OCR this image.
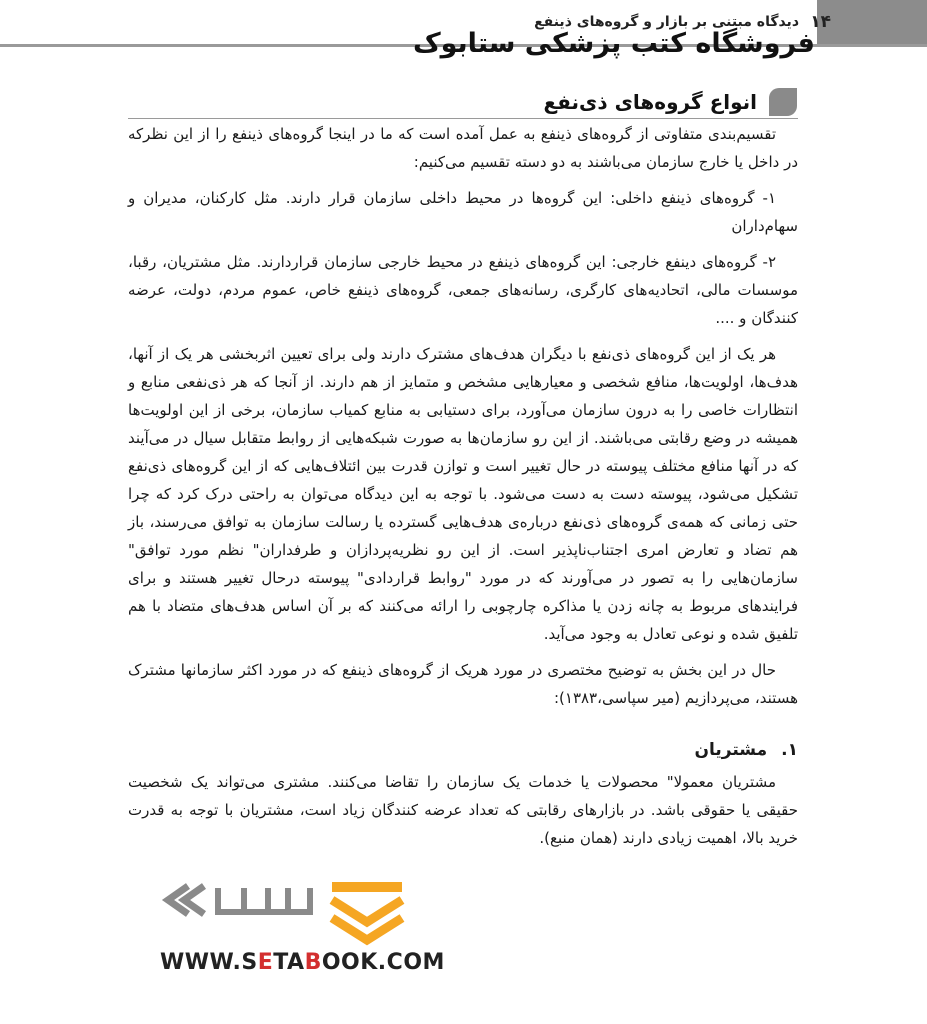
۱۴
دیدگاه مبتنی بر بازار و گروه‌های ذینفع
فروشگاه کتب پزشکی ستابوک
انواع گروه‌های ذی‌نفع

تقسیم‌بندی متفاوتی از گروه‌های ذینفع به عمل آمده است که ما در اینجا گروه‌های ذینفع را از این نظرکه در داخل یا خارج سازمان می‌باشند به دو دسته تقسیم می‌کنیم:

۱- گروه‌های ذینفع داخلی: این گروه‌ها در محیط داخلی سازمان قرار دارند. مثل کارکنان، مدیران و سهام‌داران

۲- گروه‌های دینفع خارجی: این گروه‌های ذینفع در محیط خارجی سازمان قراردارند. مثل مشتریان، رقبا، موسسات مالی، اتحادیه‌های کارگری، رسانه‌های جمعی، گروه‌های ذینفع خاص، عموم مردم، دولت، عرضه کنندگان و ....

هر یک از این گروه‌های ذی‌نفع با دیگران هدف‌های مشترک دارند ولی برای تعیین اثربخشی هر یک از آنها، هدف‌ها، اولویت‌ها، منافع شخصی و معیارهایی مشخص و متمایز از هم دارند. از آنجا که هر ذی‌نفعی منابع و انتظارات خاصی را به درون سازمان می‌آورد، برای دستیابی به منابع کمیاب سازمان، برخی از این اولویت‌ها همیشه در وضع رقابتی می‌باشند. از این رو سازمان‌ها به صورت شبکه‌هایی از روابط متقابل سیال در می‌آیند که در آنها منافع مختلف پیوسته در حال تغییر است و توازن قدرت بین ائتلاف‌هایی که از این گروه‌های ذی‌نفع تشکیل می‌شود، پیوسته دست به دست می‌شود. با توجه به این دیدگاه می‌توان به راحتی درک کرد که چرا حتی زمانی که همه‌ی گروه‌های ذی‌نفع درباره‌ی هدف‌هایی گسترده یا رسالت سازمان به توافق می‌رسند، باز هم تضاد و تعارض امری اجتناب‌ناپذیر است. از این رو نظریه‌پردازان و طرفداران" نظم مورد توافق" سازمان‌هایی را به تصور در می‌آورند که در مورد "روابط قراردادی" پیوسته درحال تغییر هستند و برای فرایندهای مربوط به چانه زدن یا مذاکره چارچوبی را ارائه می‌کنند که بر آن اساس هدف‌های متضاد با هم تلفیق شده و نوعی تعادل به وجود می‌آید.

حال در این بخش به توضیح مختصری در مورد هریک از گروه‌های ذینفع که در مورد اکثر سازمانها مشترک هستند، می‌پردازیم (میر سپاسی،۱۳۸۳):

۱.
مشتریان

مشتریان معمولا" محصولات یا خدمات یک سازمان را تقاضا می‌کنند. مشتری می‌تواند یک شخصیت حقیقی یا حقوقی باشد. در بازارهای رقابتی که تعداد عرضه کنندگان زیاد است، مشتریان با توجه به قدرت خرید بالا، اهمیت زیادی دارند (همان منبع).

WWW.SETABOOK.COM
